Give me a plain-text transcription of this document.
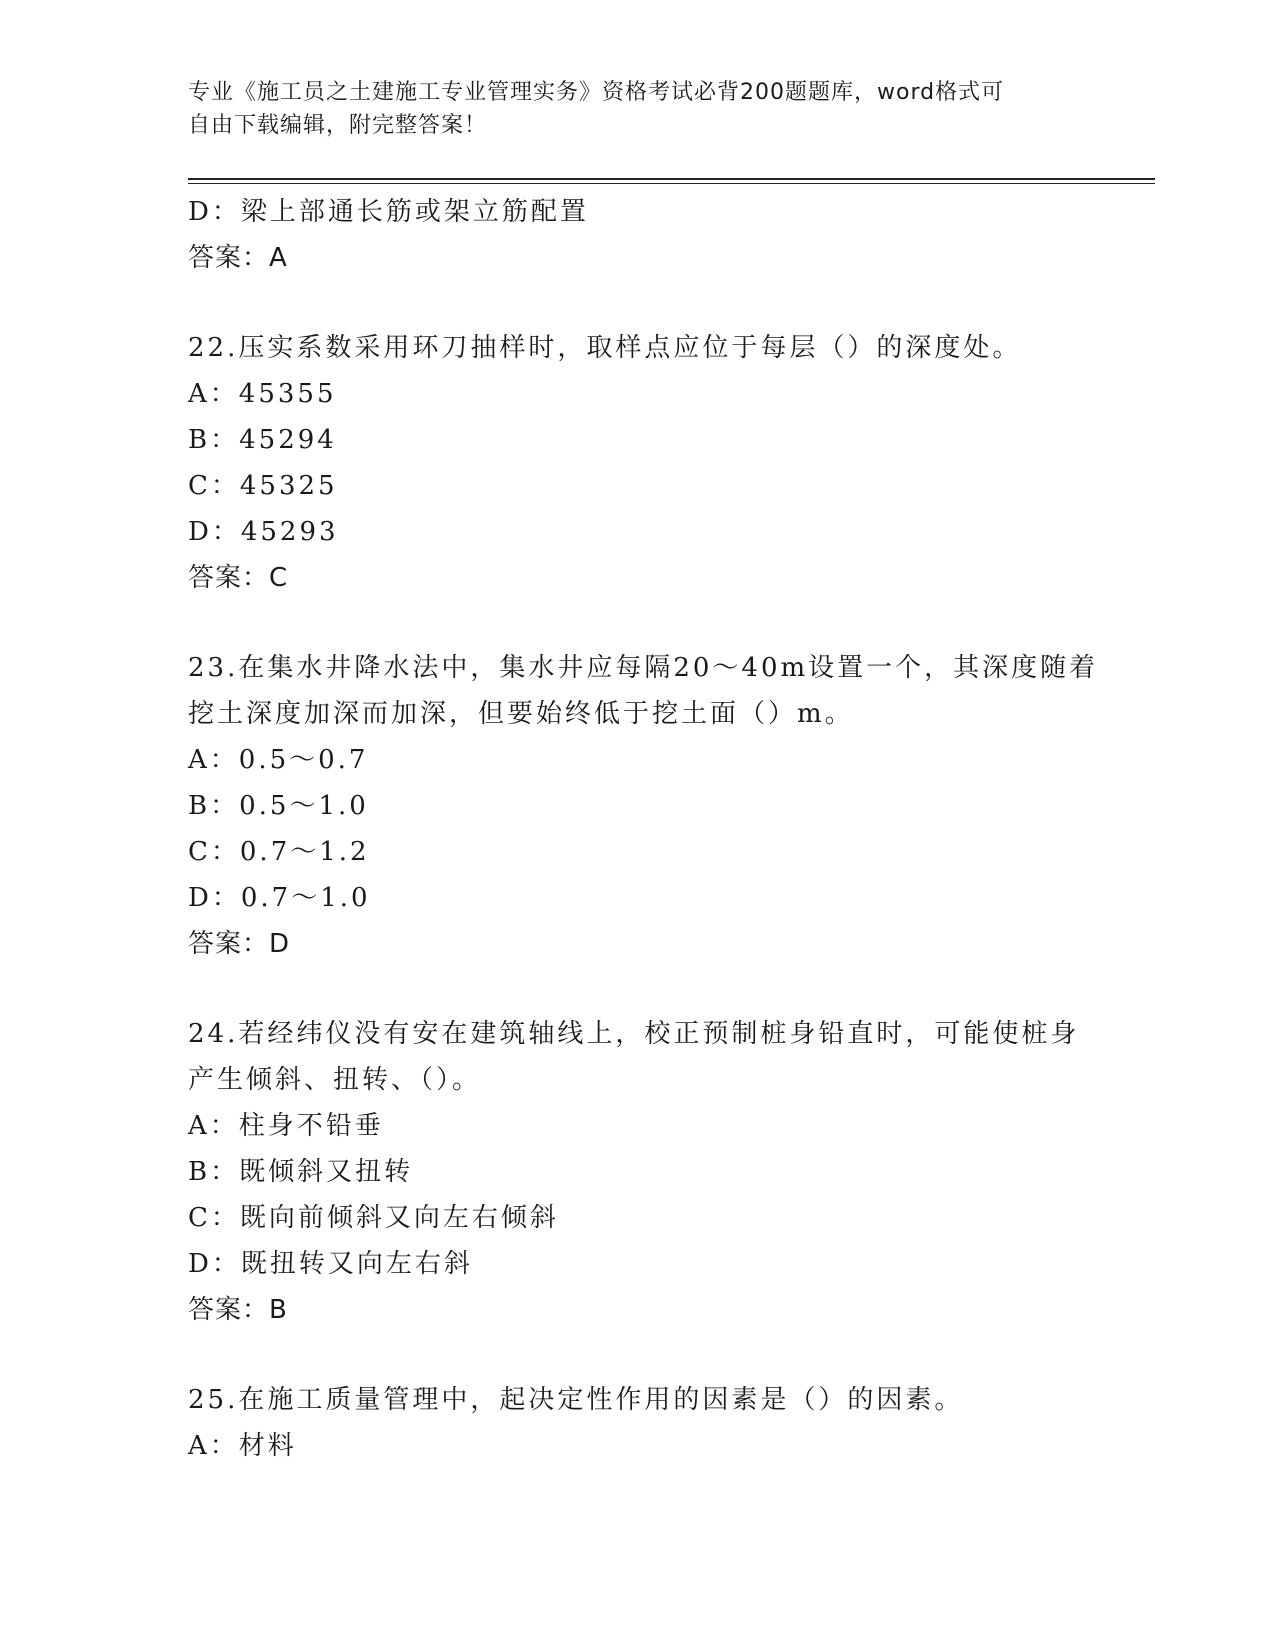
专业《施工员之土建施工专业管理实务》资格考试必背200题题库，word格式可
自由下载编辑，附完整答案！
D：梁上部通长筋或架立筋配置
答案：A
22.压实系数采用环刀抽样时，取样点应位于每层（）的深度处。
A：45355
B：45294
C：45325
D：45293
答案：C
23.在集水井降水法中，集水井应每隔20～40m设置一个，其深度随着
挖土深度加深而加深，但要始终低于挖土面（）m。
A：0.5～0.7
B：0.5～1.0
C：0.7～1.2
D：0.7～1.0
答案：D
24.若经纬仪没有安在建筑轴线上，校正预制桩身铅直时，可能使桩身
产生倾斜、扭转、（）。
A：柱身不铅垂
B：既倾斜又扭转
C：既向前倾斜又向左右倾斜
D：既扭转又向左右斜
答案：B
25.在施工质量管理中，起决定性作用的因素是（）的因素。
A：材料
